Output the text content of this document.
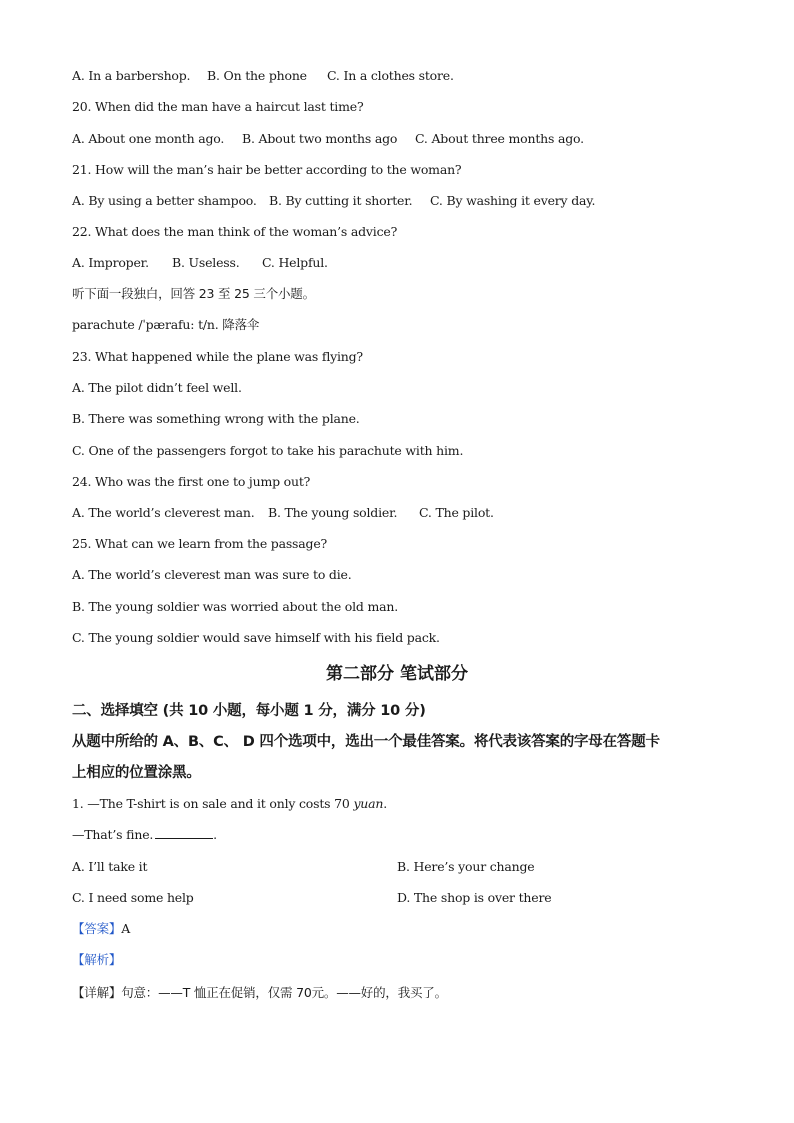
A. In a barbershop. B. On the phone C. In a clothes store.
20. When did the man have a haircut last time?
A. About one month ago. B. About two months ago C. About three months ago.
21. How will the man’s hair be better according to the woman?
A. By using a better shampoo. B. By cutting it shorter. C. By washing it every day.
22. What does the man think of the woman’s advice?
A. Improper. B. Useless. C. Helpful.
听下面一段独白，回答 23 至 25 三个小题。
parachute /ˈpærafu: t/n. 降落伞
23. What happened while the plane was flying?
A. The pilot didn’t feel well.
B. There was something wrong with the plane.
C. One of the passengers forgot to take his parachute with him.
24. Who was the first one to jump out?
A. The world’s cleverest man. B. The young soldier. C. The pilot.
25. What can we learn from the passage?
A. The world’s cleverest man was sure to die.
B. The young soldier was worried about the old man.
C. The young soldier would save himself with his field pack.
第二部分 笔试部分
二、选择填空 (共 10 小题，每小题 1 分，满分 10 分)
从题中所给的 A、B、C、 D 四个选项中，选出一个最佳答案。将代表该答案的字母在答题卡
上相应的位置涂黑。
1. —The T-shirt is on sale and it only costs 70 yuan.
—That’s fine.	.
A. I’ll take it	B. Here’s your change
C. I need some help	D. The shop is over there
【答案】A
【解析】
【详解】句意：——T 恤正在促销，仅需 70元。——好的，我买了。
